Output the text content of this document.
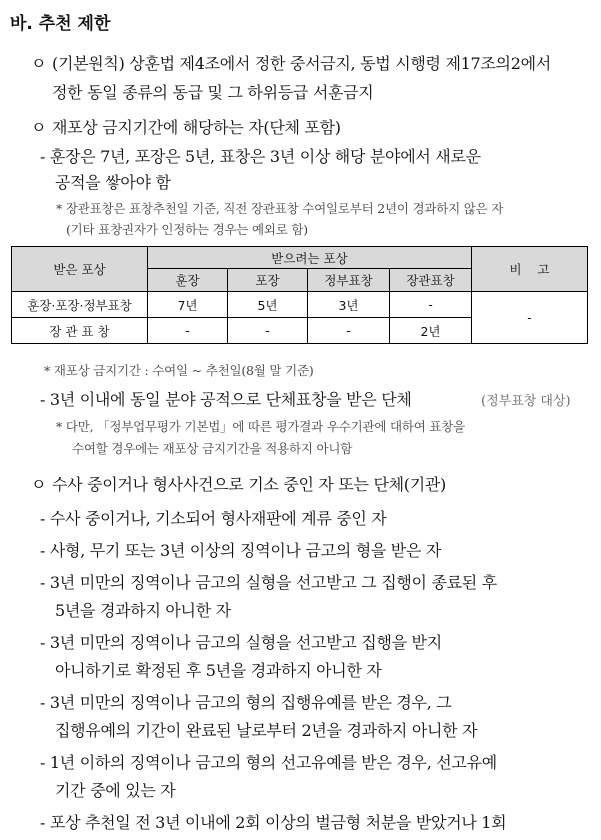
바. 추천 제한
ㅇ (기본원칙) 상훈법 제4조에서 정한 중서금지, 동법 시행령 제17조의2에서
정한 동일 종류의 동급 및 그 하위등급 서훈금지
ㅇ 재포상 금지기간에 해당하는 자(단체 포함)
- 훈장은 7년, 포장은 5년, 표창은 3년 이상 해당 분야에서 새로운
공적을 쌓아야 함
* 장관표창은 표창추천일 기준, 직전 장관표창 수여일로부터 2년이 경과하지 않은 자
(기타 표창권자가 인정하는 경우는 예외로 함)
받은 포상	받으려는 포상				비    고
	훈장	포장	정부표창	장관표창	
훈장·포장·정부표창	7년	5년	3년	-	-
장 관 표 창	-	-	-	2년	
* 재포상 금지기간 : 수여일 ~ 추천일(8월 말 기준)
- 3년 이내에 동일 분야 공적으로 단체표창을 받은 단체	(정부표창 대상)
* 다만, 「정부업무평가 기본법」에 따른 평가결과 우수기관에 대하여 표창을
수여할 경우에는 재포상 금지기간을 적용하지 아니함
ㅇ 수사 중이거나 형사사건으로 기소 중인 자 또는 단체(기관)
- 수사 중이거나, 기소되어 형사재판에 계류 중인 자
- 사형, 무기 또는 3년 이상의 징역이나 금고의 형을 받은 자
- 3년 미만의 징역이나 금고의 실형을 선고받고 그 집행이 종료된 후
5년을 경과하지 아니한 자
- 3년 미만의 징역이나 금고의 실형을 선고받고 집행을 받지
아니하기로 확정된 후 5년을 경과하지 아니한 자
- 3년 미만의 징역이나 금고의 형의 집행유예를 받은 경우, 그
집행유예의 기간이 완료된 날로부터 2년을 경과하지 아니한 자
- 1년 이하의 징역이나 금고의 형의 선고유예를 받은 경우, 선고유예
기간 중에 있는 자
- 포상 추천일 전 3년 이내에 2회 이상의 벌금형 처분을 받았거나 1회
